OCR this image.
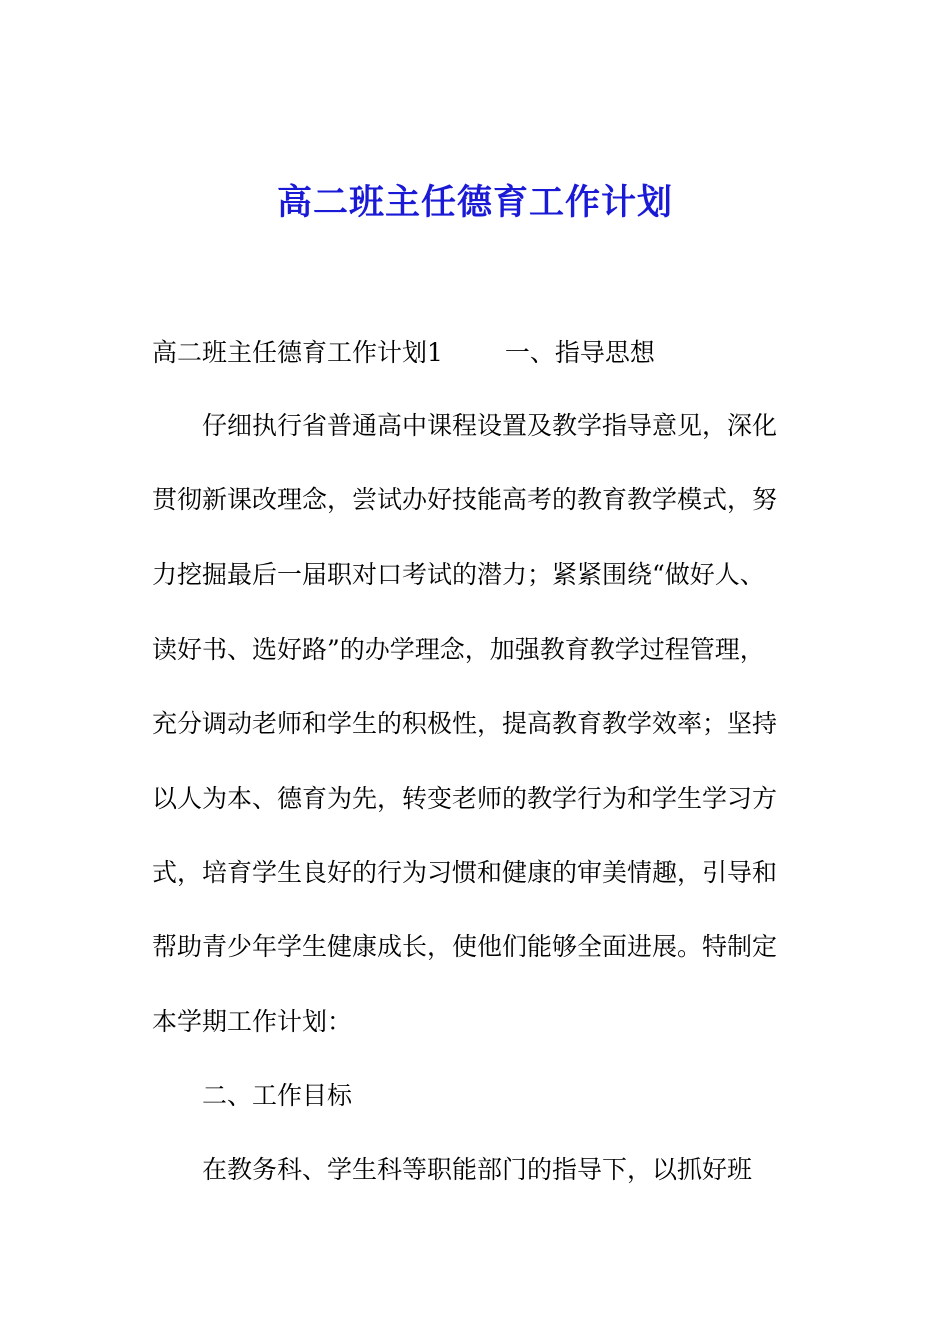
高二班主任德育工作计划
高二班主任德育工作计划1 一、指导思想
仔细执行省普通高中课程设置及教学指导意见，深化
贯彻新课改理念，尝试办好技能高考的教育教学模式，努
力挖掘最后一届职对口考试的潜力；紧紧围绕“做好人、
读好书、选好路”的办学理念，加强教育教学过程管理，
充分调动老师和学生的积极性，提高教育教学效率；坚持
以人为本、德育为先，转变老师的教学行为和学生学习方
式，培育学生良好的行为习惯和健康的审美情趣，引导和
帮助青少年学生健康成长，使他们能够全面进展。特制定
本学期工作计划：
二、工作目标
在教务科、学生科等职能部门的指导下，以抓好班
